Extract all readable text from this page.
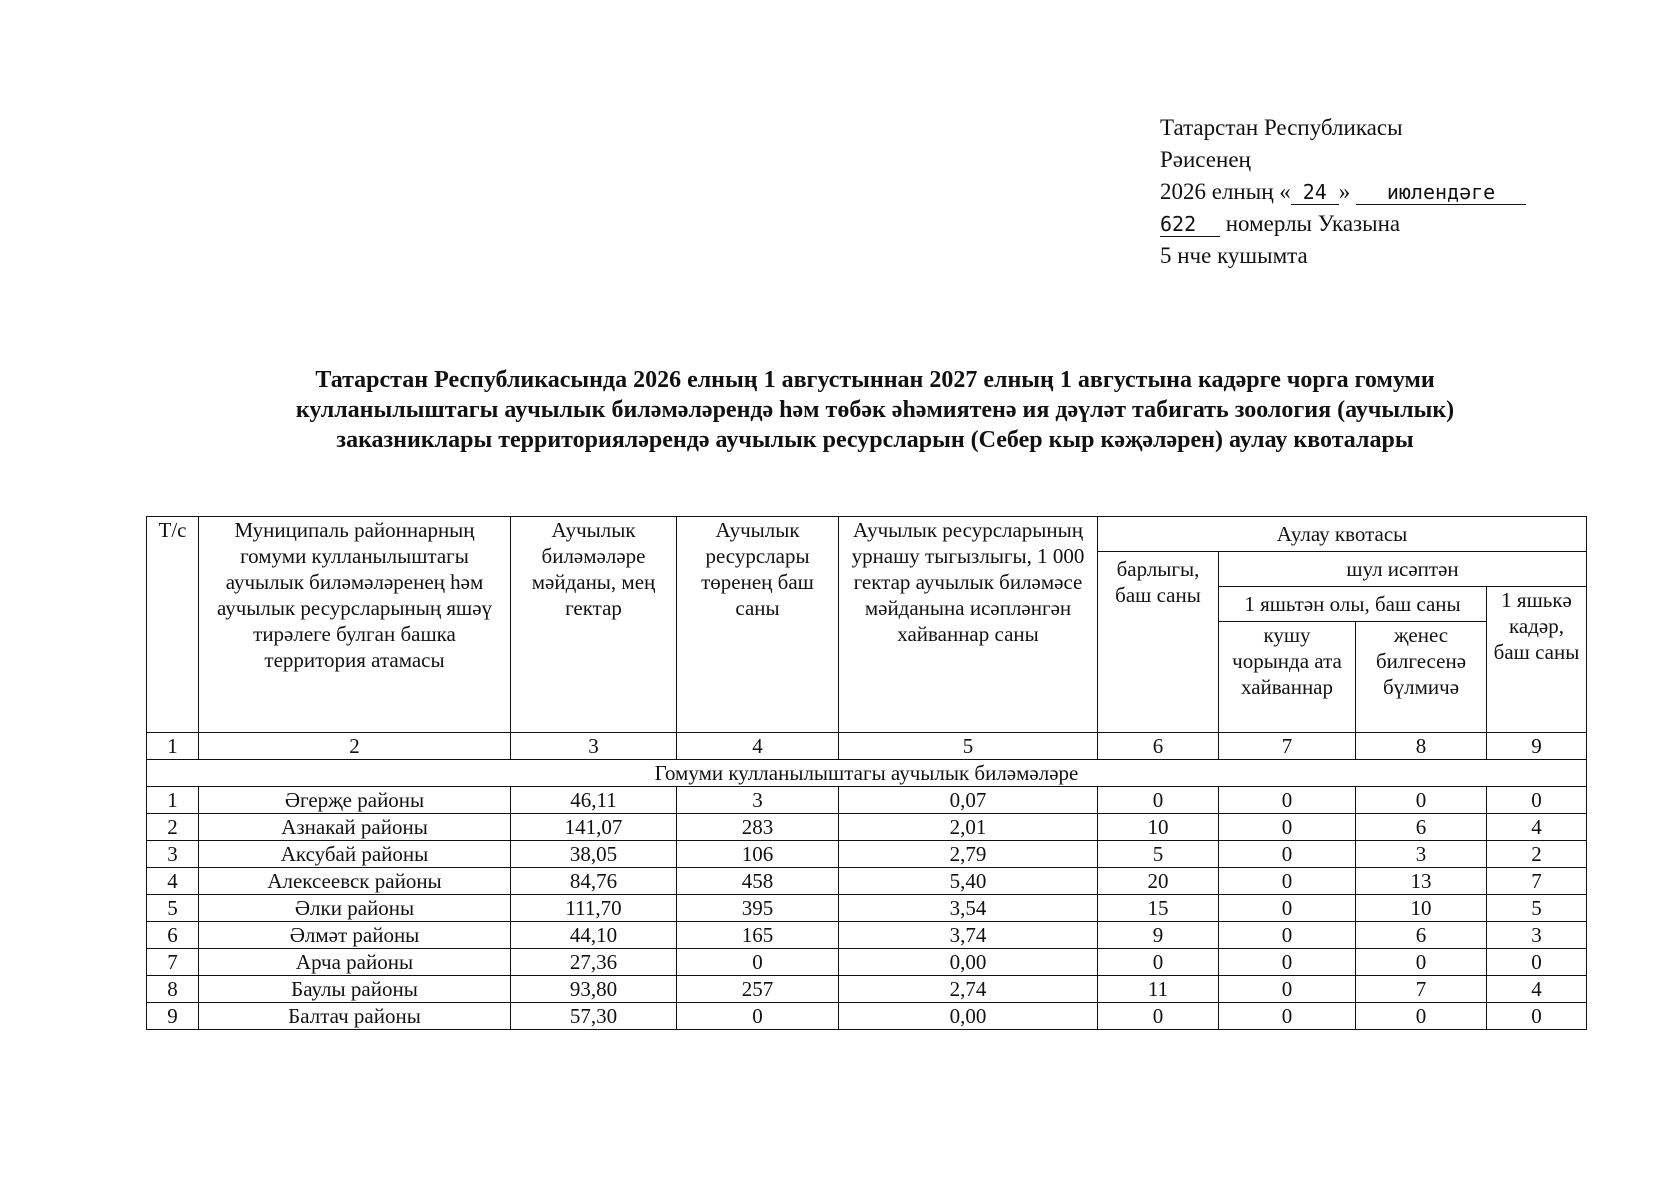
Татарстан Республикасы
Рәисенең
2026 елның « 24 » июлендәге
622 номерлы Указына
5 нче кушымта
Татарстан Республикасында 2026 елның 1 августыннан 2027 елның 1 августына кадәрге чорга гомуми
кулланылыштагы аучылык биләмәләрендә һәм төбәк әһәмиятенә ия дәүләт табигать зоология (аучылык)
заказниклары территорияләрендә аучылык ресурсларын (Себер кыр кәҗәләрен) аулау квоталары
Т/с	Муниципаль районнарның гомуми кулланылыштагы аучылык биләмәләренең һәм аучылык ресурсларының яшәү тирәлеге булган башка территория атамасы	Аучылык биләмәләре мәйданы, мең гектар	Аучылык ресурслары төренең баш саны	Аучылык ресурсларының урнашу тыгызлыгы, 1 000 гектар аучылык биләмәсе мәйданына исәпләнгән хайваннар саны	Аулау квотасы			
					барлыгы, баш саны	шул исәптән		
						1 яшьтән олы, баш саны		1 яшькә кадәр, баш саны
						кушу чорында ата хайваннар	җенес билгесенә бүлмичә	
1	2	3	4	5	6	7	8	9
Гомуми кулланылыштагы аучылык биләмәләре								
1	Әгерҗе районы	46,11	3	0,07	0	0	0	0
2	Азнакай районы	141,07	283	2,01	10	0	6	4
3	Аксубай районы	38,05	106	2,79	5	0	3	2
4	Алексеевск районы	84,76	458	5,40	20	0	13	7
5	Әлки районы	111,70	395	3,54	15	0	10	5
6	Әлмәт районы	44,10	165	3,74	9	0	6	3
7	Арча районы	27,36	0	0,00	0	0	0	0
8	Баулы районы	93,80	257	2,74	11	0	7	4
9	Балтач районы	57,30	0	0,00	0	0	0	0
